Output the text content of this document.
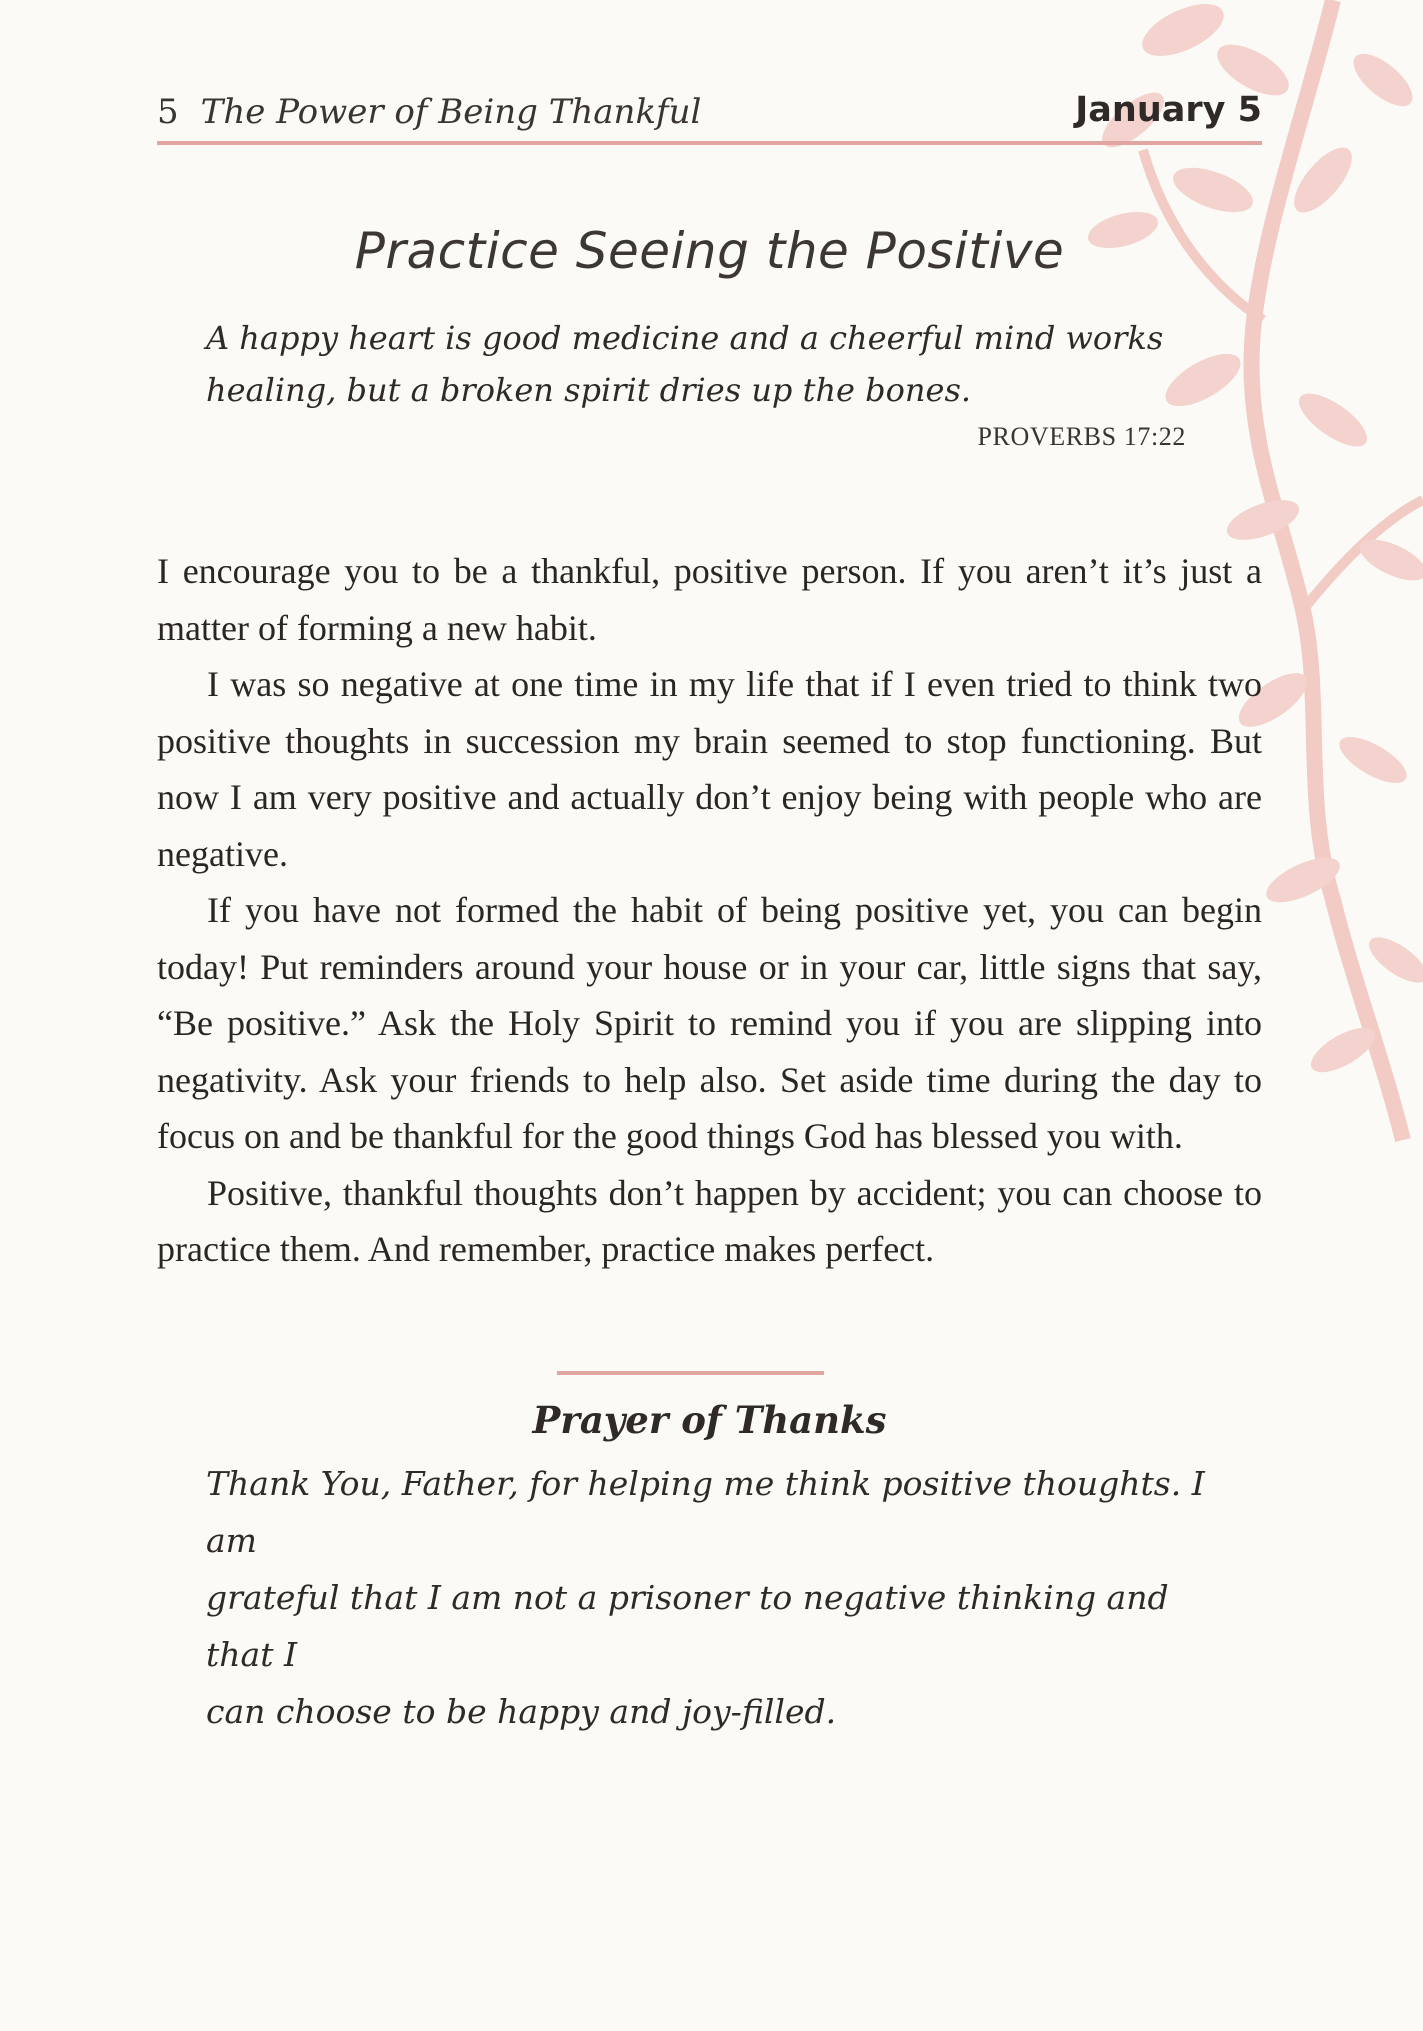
5 The Power of Being Thankful	January 5
Practice Seeing the Positive
A happy heart is good medicine and a cheerful mind works
healing, but a broken spirit dries up the bones.
PROVERBS 17:22

I encourage you to be a thankful, positive person. If you aren’t it’s just a matter of forming a new habit.

I was so negative at one time in my life that if I even tried to think two positive thoughts in succession my brain seemed to stop functioning. But now I am very positive and actually don’t enjoy being with people who are negative.

If you have not formed the habit of being positive yet, you can begin today! Put reminders around your house or in your car, little signs that say, “Be positive.” Ask the Holy Spirit to remind you if you are slipping into negativity. Ask your friends to help also. Set aside time during the day to focus on and be thankful for the good things God has blessed you with.

Positive, thankful thoughts don’t happen by accident; you can choose to practice them. And remember, practice makes perfect.

Prayer of Thanks
Thank You, Father, for helping me think positive thoughts. I am
grateful that I am not a prisoner to negative thinking and that I
can choose to be happy and joy-filled.
